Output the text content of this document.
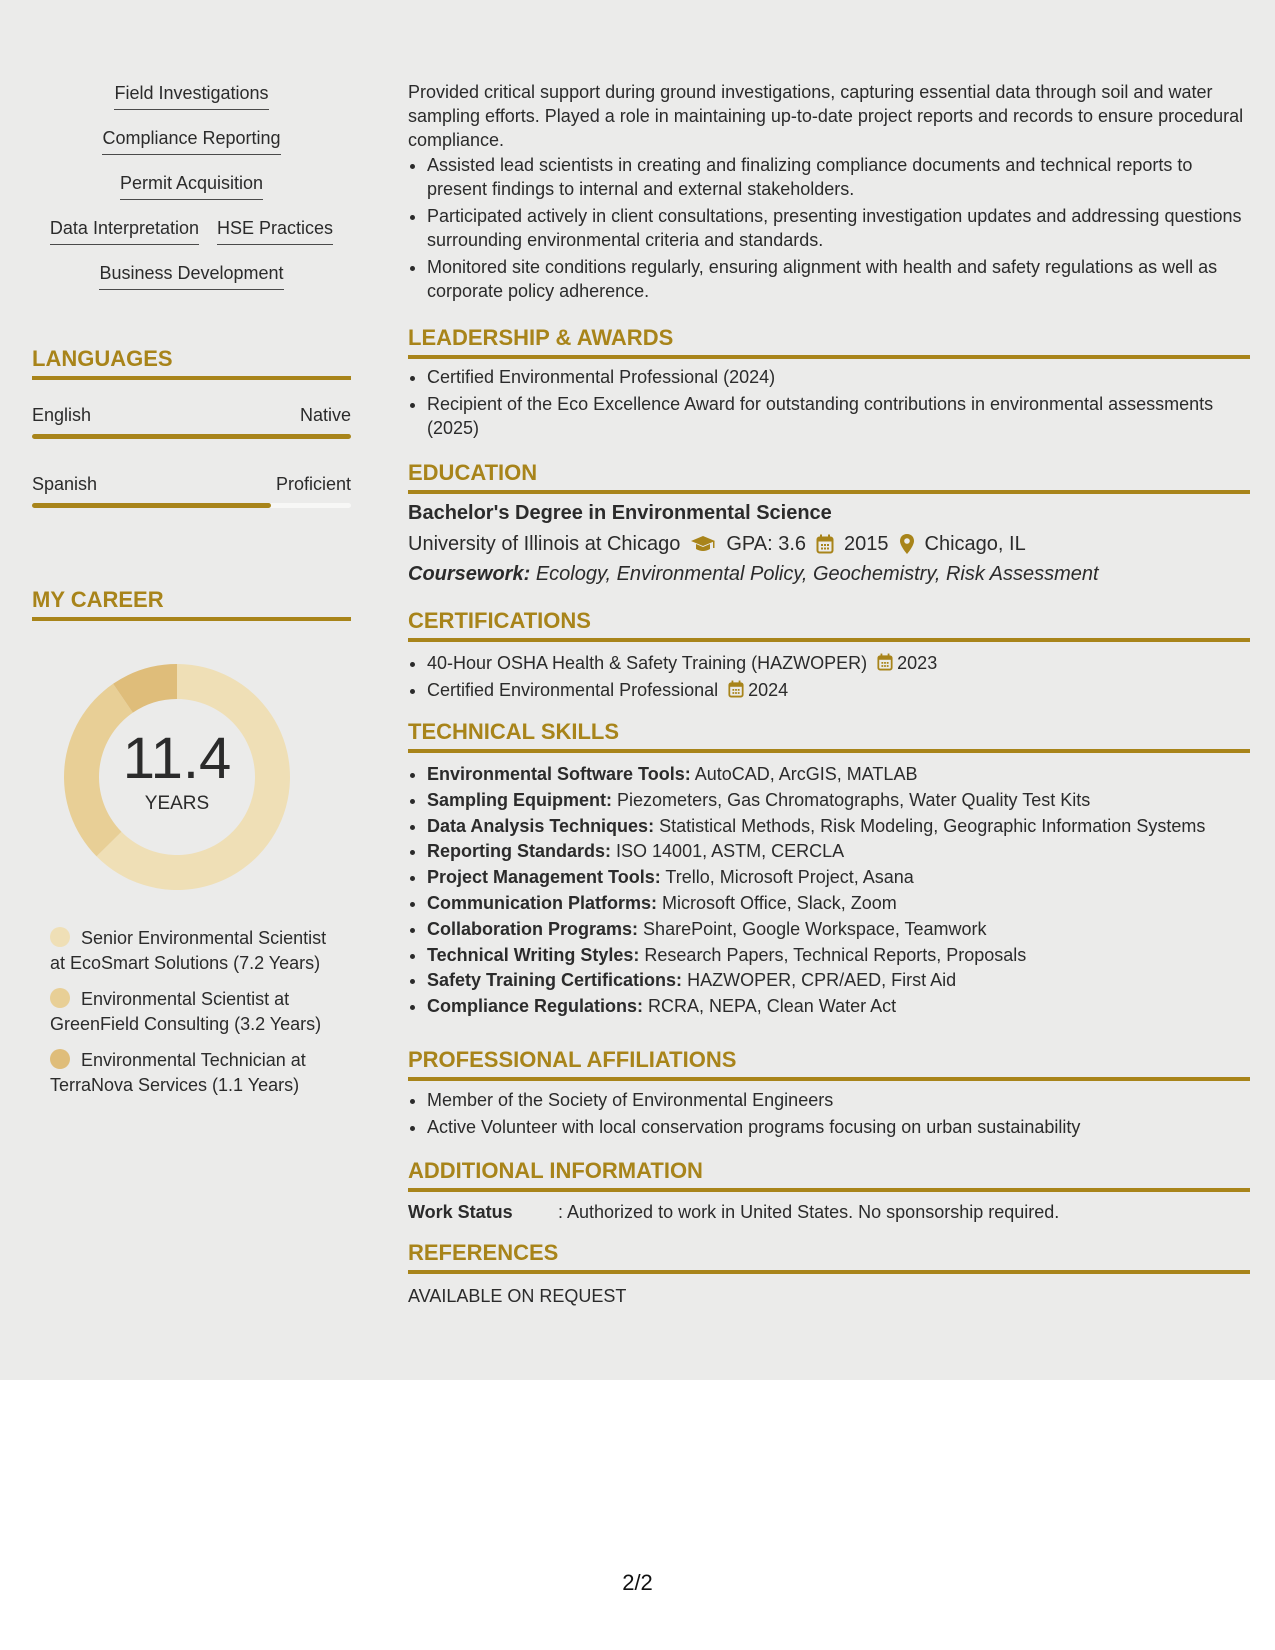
Field Investigations
Compliance Reporting
Permit Acquisition
Data Interpretation HSE Practices
Business Development
LANGUAGES
English	Native
Spanish	Proficient
MY CAREER
11.4
YEARS
Senior Environmental Scientist at EcoSmart Solutions (7.2 Years)
Environmental Scientist at GreenField Consulting (3.2 Years)
Environmental Technician at TerraNova Services (1.1 Years)
Provided critical support during ground investigations, capturing essential data through soil and water sampling efforts. Played a role in maintaining up-to-date project reports and records to ensure procedural compliance.
• Assisted lead scientists in creating and finalizing compliance documents and technical reports to present findings to internal and external stakeholders.
• Participated actively in client consultations, presenting investigation updates and addressing questions surrounding environmental criteria and standards.
• Monitored site conditions regularly, ensuring alignment with health and safety regulations as well as corporate policy adherence.
LEADERSHIP & AWARDS
• Certified Environmental Professional (2024)
• Recipient of the Eco Excellence Award for outstanding contributions in environmental assessments (2025)
EDUCATION
Bachelor's Degree in Environmental Science
University of Illinois at Chicago GPA: 3.6 2015 Chicago, IL
Coursework: Ecology, Environmental Policy, Geochemistry, Risk Assessment
CERTIFICATIONS
• 40-Hour OSHA Health & Safety Training (HAZWOPER) 2023
• Certified Environmental Professional 2024
TECHNICAL SKILLS
• Environmental Software Tools: AutoCAD, ArcGIS, MATLAB
• Sampling Equipment: Piezometers, Gas Chromatographs, Water Quality Test Kits
• Data Analysis Techniques: Statistical Methods, Risk Modeling, Geographic Information Systems
• Reporting Standards: ISO 14001, ASTM, CERCLA
• Project Management Tools: Trello, Microsoft Project, Asana
• Communication Platforms: Microsoft Office, Slack, Zoom
• Collaboration Programs: SharePoint, Google Workspace, Teamwork
• Technical Writing Styles: Research Papers, Technical Reports, Proposals
• Safety Training Certifications: HAZWOPER, CPR/AED, First Aid
• Compliance Regulations: RCRA, NEPA, Clean Water Act
PROFESSIONAL AFFILIATIONS
• Member of the Society of Environmental Engineers
• Active Volunteer with local conservation programs focusing on urban sustainability
ADDITIONAL INFORMATION
Work Status	: Authorized to work in United States. No sponsorship required.
REFERENCES
AVAILABLE ON REQUEST
2/2
